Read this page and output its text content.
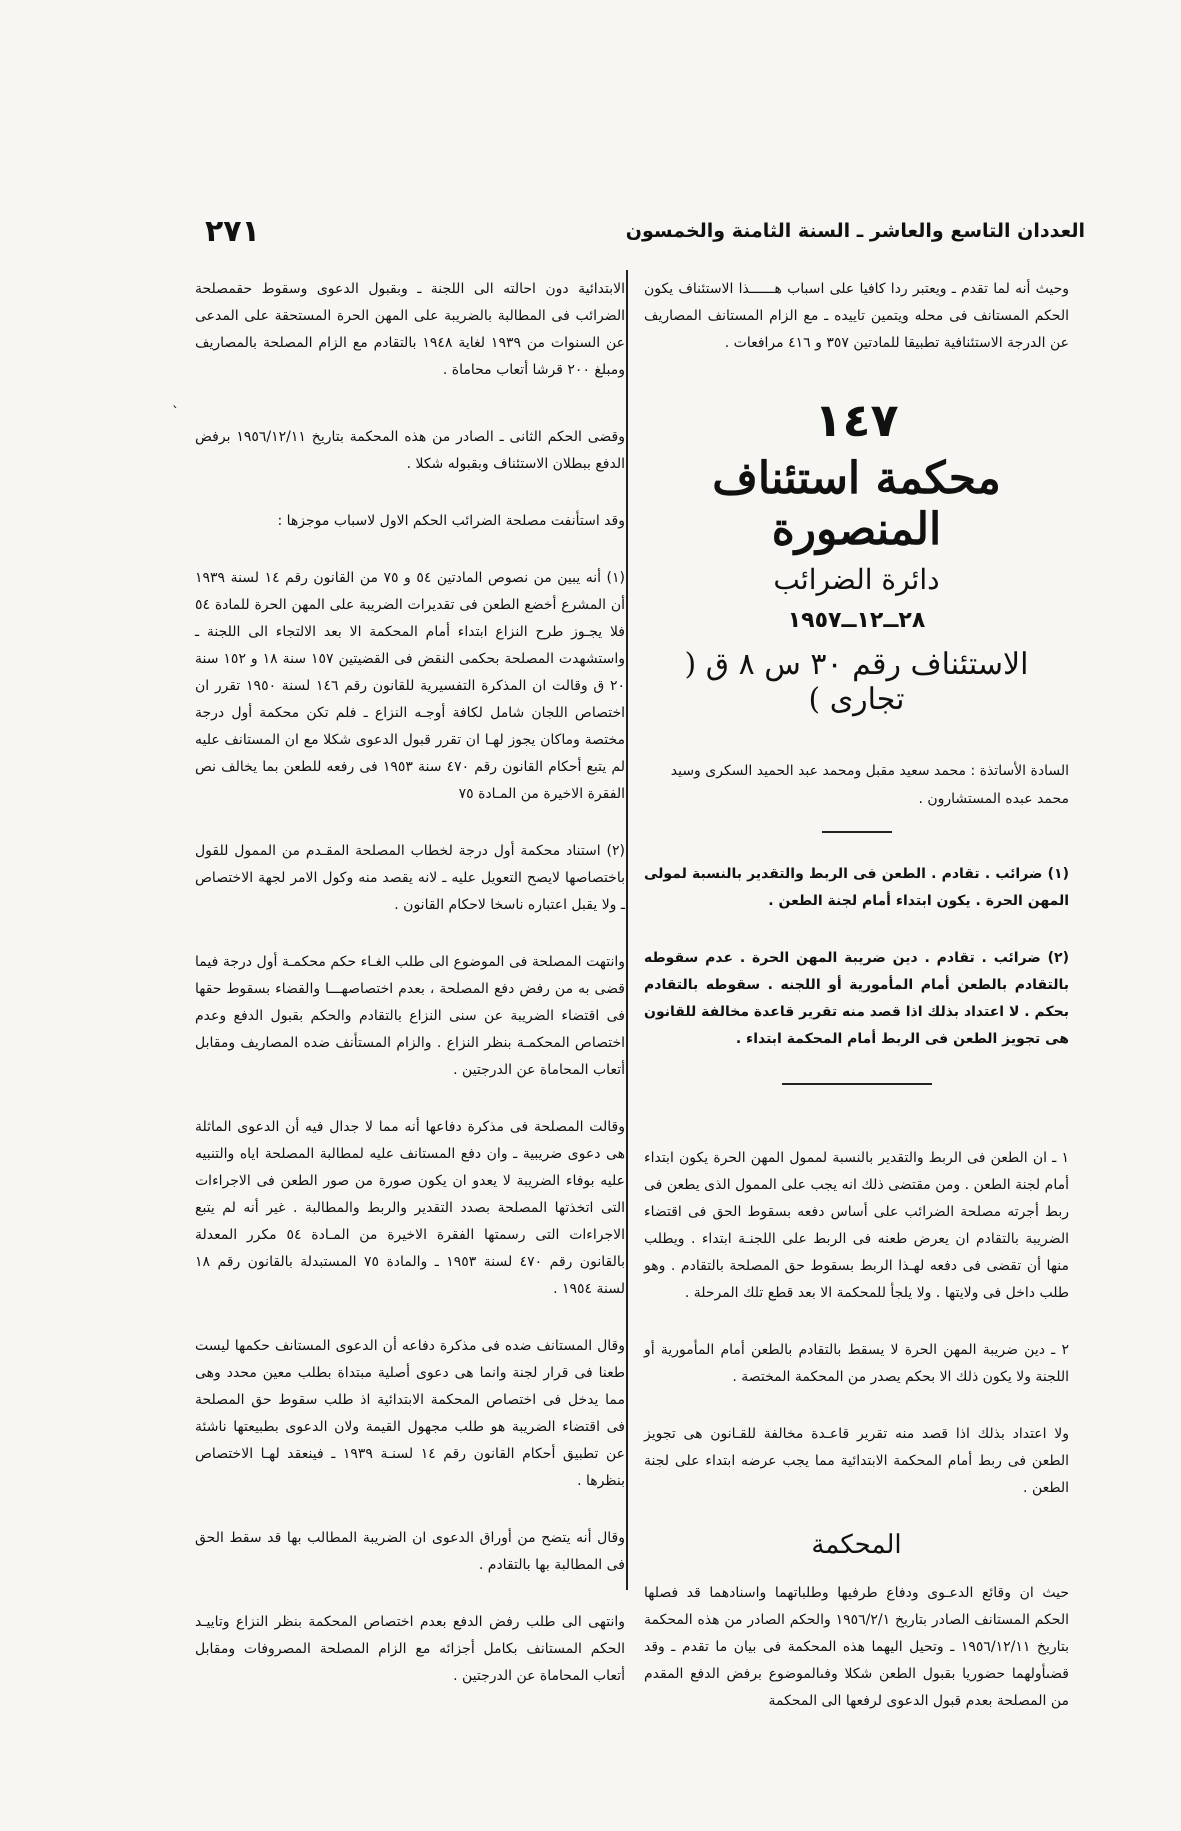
العددان التاسع والعاشر ـ السنة الثامنة والخمسون
٢٧١
ˋ

وحيث أنه لما تقدم ـ ويعتبر ردا كافيا على اسباب هــــــذا الاستئناف يكون الحكم المستانف فى محله ويتمين تاييده ـ مع الزام المستانف المصاريف عن الدرجة الاستئنافية تطبيقا للمادتين ٣٥٧ و ٤١٦ مرافعات .

١٤٧
محكمة استئناف المنصورة
دائرة الضرائب
٢٨ــ١٢ــ١٩٥٧
الاستئناف رقم ٣٠ س ٨ ق ( تجارى )
السادة الأساتذة : محمد سعيد مقبل ومحمد عبد الحميد السكرى وسيد محمد عبده المستشارون .

(١) ضرائب . تقادم . الطعن فى الربط والتقدير بالنسبة لمولى المهن الحرة . يكون ابتداء أمام لجنة الطعن .

(٢) ضرائب . تقادم . دين ضريبة المهن الحرة . عدم سقوطه بالتقادم بالطعن أمام المأمورية أو اللجنه . سقوطه بالتقادم بحكم . لا اعتداد بذلك اذا قصد منه تقرير قاعدة مخالفة للقانون هى تجويز الطعن فى الربط أمام المحكمة ابتداء .

١ ـ ان الطعن فى الربط والتقدير بالنسبة لممول المهن الحرة يكون ابتداء أمام لجنة الطعن . ومن مقتضى ذلك انه يجب على الممول الذى يطعن فى ربط أجرته مصلحة الضرائب على أساس دفعه بسقوط الحق فى اقتضاء الضريبة بالتقادم ان يعرض طعنه فى الربط على اللجنـة ابتداء . ويطلب منها أن تقضى فى دفعه لهـذا الربط بسقوط حق المصلحة بالتقادم . وهو طلب داخل فى ولايتها . ولا يلجأ للمحكمة الا بعد قطع تلك المرحلة .

٢ ـ دين ضريبة المهن الحرة لا يسقط بالتقادم بالطعن أمام المأمورية أو اللجنة ولا يكون ذلك الا بحكم يصدر من المحكمة المختصة .

ولا اعتداد بذلك اذا قصد منه تقرير قاعـدة مخالفة للقـانون هى تجويز الطعن فى ربط أمام المحكمة الابتدائية مما يجب عرضه ابتداء على لجنة الطعن .

المحكمة

حيث ان وقائع الدعـوى ودفاع طرفيها وطلباتهما واسنادهما قد فصلها الحكم المستانف الصادر بتاريخ ١٩٥٦/٢/١ والحكم الصادر من هذه المحكمة بتاريخ ١٩٥٦/١٢/١١ ـ وتحيل اليهما هذه المحكمة فى بيان ما تقدم ـ وقد قضىأولهما حضوريا بقبول الطعن شكلا وفىالموضوع برفض الدفع المقدم من المصلحة بعدم قبول الدعوى لرفعها الى المحكمة

الابتدائية دون احالته الى اللجنة ـ وبقبول الدعوى وسقوط حقمصلحة الضرائب فى المطالبة بالضريبة على المهن الحرة المستحقة على المدعى عن السنوات من ١٩٣٩ لغاية ١٩٤٨ بالتقادم مع الزام المصلحة بالمصاريف ومبلغ ٢٠٠ قرشا أتعاب محاماة .

وقضى الحكم الثانى ـ الصادر من هذه المحكمة بتاريخ ١٩٥٦/١٢/١١ برفض الدفع ببطلان الاستئناف وبقبوله شكلا .

وقد استأنفت مصلحة الضرائب الحكم الاول لاسباب موجزها :

(١) أنه يبين من نصوص المادتين ٥٤ و ٧٥ من القانون رقم ١٤ لسنة ١٩٣٩ أن المشرع أخضع الطعن فى تقديرات الضريبة على المهن الحرة للمادة ٥٤ فلا يجـوز طرح النزاع ابتداء أمام المحكمة الا بعد الالتجاء الى اللجنة ـ واستشهدت المصلحة بحكمى النقض فى القضيتين ١٥٧ سنة ١٨ و ١٥٢ سنة ٢٠ ق وقالت ان المذكرة التفسيرية للقانون رقم ١٤٦ لسنة ١٩٥٠ تقرر ان اختصاص اللجان شامل لكافة أوجـه النزاع ـ فلم تكن محكمة أول درجة مختصة وماكان يجوز لهـا ان تقرر قبول الدعوى شكلا مع ان المستانف عليه لم يتبع أحكام القانون رقم ٤٧٠ سنة ١٩٥٣ فى رفعه للطعن بما يخالف نص الفقرة الاخيرة من المـادة ٧٥

(٢) استناد محكمة أول درجة لخطاب المصلحة المقـدم من الممول للقول باختصاصها لايصح التعويل عليه ـ لانه يقصد منه وكول الامر لجهة الاختصاص ـ ولا يقبل اعتباره ناسخا لاحكام القانون .

وانتهت المصلحة فى الموضوع الى طلب الغـاء حكم محكمـة أول درجة فيما قضى به من رفض دفع المصلحة ، بعدم اختصاصهـــا والقضاء بسقوط حقها فى اقتضاء الضريبة عن سنى النزاع بالتقادم والحكم بقبول الدفع وعدم اختصاص المحكمـة بنظر النزاع . والزام المستأنف ضده المصاريف ومقابل أتعاب المحاماة عن الدرجتين .

وقالت المصلحة فى مذكرة دفاعها أنه مما لا جدال فيه أن الدعوى الماثلة هى دعوى ضريبية ـ وان دفع المستانف عليه لمطالبة المصلحة اياه والتنبيه عليه بوفاء الضريبة لا يعدو ان يكون صورة من صور الطعن فى الاجراءات التى اتخذتها المصلحة بصدد التقدير والربط والمطالبة . غير أنه لم يتبع الاجراءات التى رسمتها الفقرة الاخيرة من المـادة ٥٤ مكرر المعدلة بالقانون رقم ٤٧٠ لسنة ١٩٥٣ ـ والمادة ٧٥ المستبدلة بالقانون رقم ١٨ لسنة ١٩٥٤ .

وقال المستانف ضده فى مذكرة دفاعه أن الدعوى المستانف حكمها ليست طعنا فى قرار لجنة وانما هى دعوى أصلية مبتداة بطلب معين محدد وهى مما يدخل فى اختصاص المحكمة الابتدائية اذ طلب سقوط حق المصلحة فى اقتضاء الضريبة هو طلب مجهول القيمة ولان الدعوى بطبيعتها ناشئة عن تطبيق أحكام القانون رقم ١٤ لسنـة ١٩٣٩ ـ فينعقد لهـا الاختصاص بنظرها .

وقال أنه يتضح من أوراق الدعوى ان الضريبة المطالب بها قد سقط الحق فى المطالبة بها بالتقادم .

وانتهى الى طلب رفض الدفع بعدم اختصاص المحكمة بنظر النزاع وتاييـد الحكم المستانف بكامل أجزائه مع الزام المصلحة المصروفات ومقابل أتعاب المحاماة عن الدرجتين .
